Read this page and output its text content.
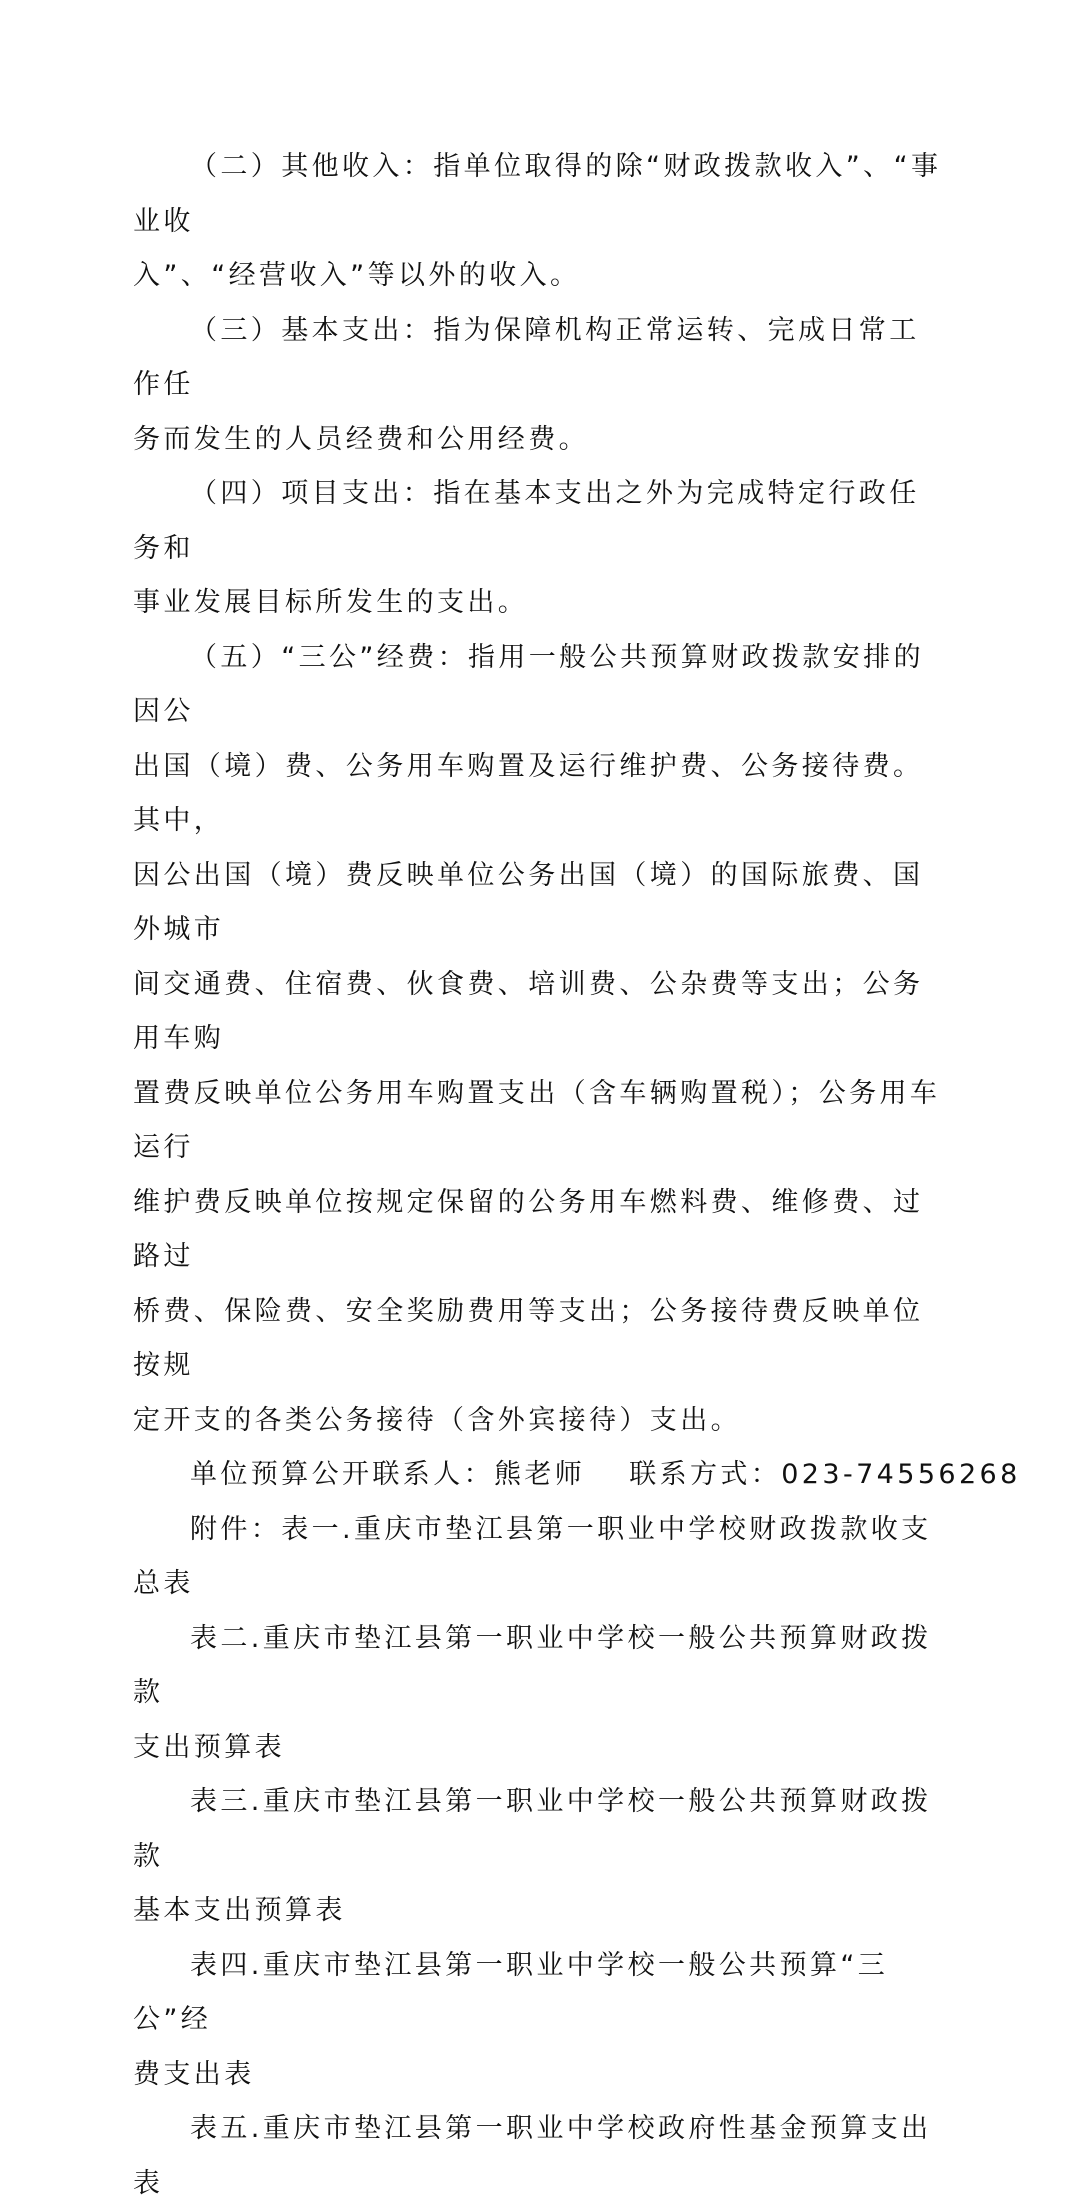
（二）其他收入：指单位取得的除“财政拨款收入”、“事业收
入”、“经营收入”等以外的收入。

（三）基本支出：指为保障机构正常运转、完成日常工作任
务而发生的人员经费和公用经费。

（四）项目支出：指在基本支出之外为完成特定行政任务和
事业发展目标所发生的支出。

（五）“三公”经费：指用一般公共预算财政拨款安排的因公
出国（境）费、公务用车购置及运行维护费、公务接待费。其中，
因公出国（境）费反映单位公务出国（境）的国际旅费、国外城市
间交通费、住宿费、伙食费、培训费、公杂费等支出；公务用车购
置费反映单位公务用车购置支出（含车辆购置税）；公务用车运行
维护费反映单位按规定保留的公务用车燃料费、维修费、过路过
桥费、保险费、安全奖励费用等支出；公务接待费反映单位按规
定开支的各类公务接待（含外宾接待）支出。

单位预算公开联系人：熊老师 联系方式：023-74556268

附件：表一.重庆市垫江县第一职业中学校财政拨款收支总表

表二.重庆市垫江县第一职业中学校一般公共预算财政拨款
支出预算表

表三.重庆市垫江县第一职业中学校一般公共预算财政拨款
基本支出预算表

表四.重庆市垫江县第一职业中学校一般公共预算“三公”经
费支出表

表五.重庆市垫江县第一职业中学校政府性基金预算支出表
